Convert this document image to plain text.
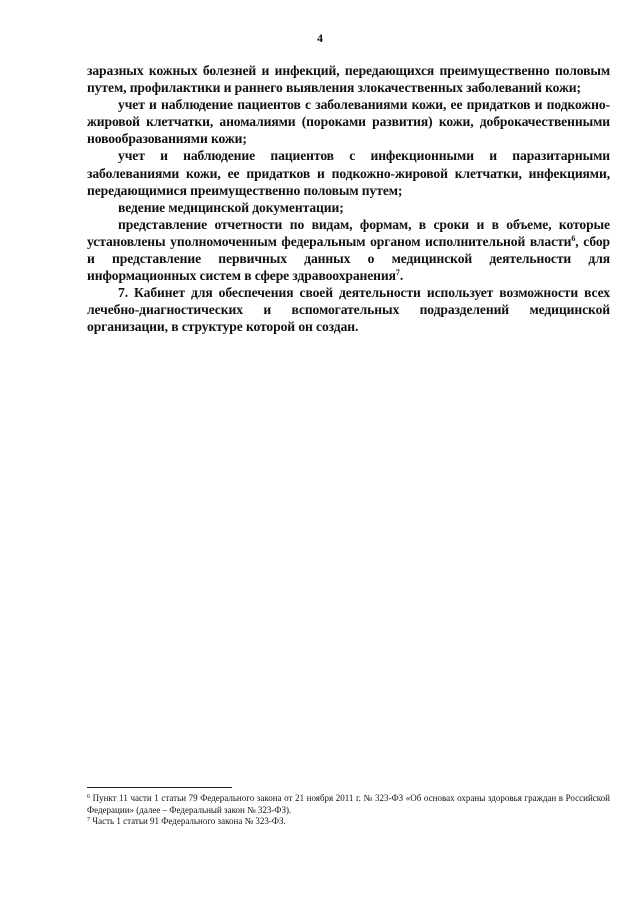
4

заразных кожных болезней и инфекций, передающихся преимущественно половым путем, профилактики и раннего выявления злокачественных заболеваний кожи;

учет и наблюдение пациентов с заболеваниями кожи, ее придатков и подкожно-жировой клетчатки, аномалиями (пороками развития) кожи, доброкачественными новообразованиями кожи;

учет и наблюдение пациентов с инфекционными и паразитарными заболеваниями кожи, ее придатков и подкожно-жировой клетчатки, инфекциями, передающимися преимущественно половым путем;

ведение медицинской документации;

представление отчетности по видам, формам, в сроки и в объеме, которые установлены уполномоченным федеральным органом исполнительной власти$^6$, сбор и представление первичных данных о медицинской деятельности для информационных систем в сфере здравоохранения$^7$.

7. Кабинет для обеспечения своей деятельности использует возможности всех лечебно-диагностических и вспомогательных подразделений медицинской организации, в структуре которой он создан.

$^6$ Пункт 11 части 1 статьи 79 Федерального закона от 21 ноября 2011 г. № 323-ФЗ «Об основах охраны здоровья граждан в Российской Федерации» (далее – Федеральный закон № 323-ФЗ).

$^7$ Часть 1 статьи 91 Федерального закона № 323-ФЗ.
